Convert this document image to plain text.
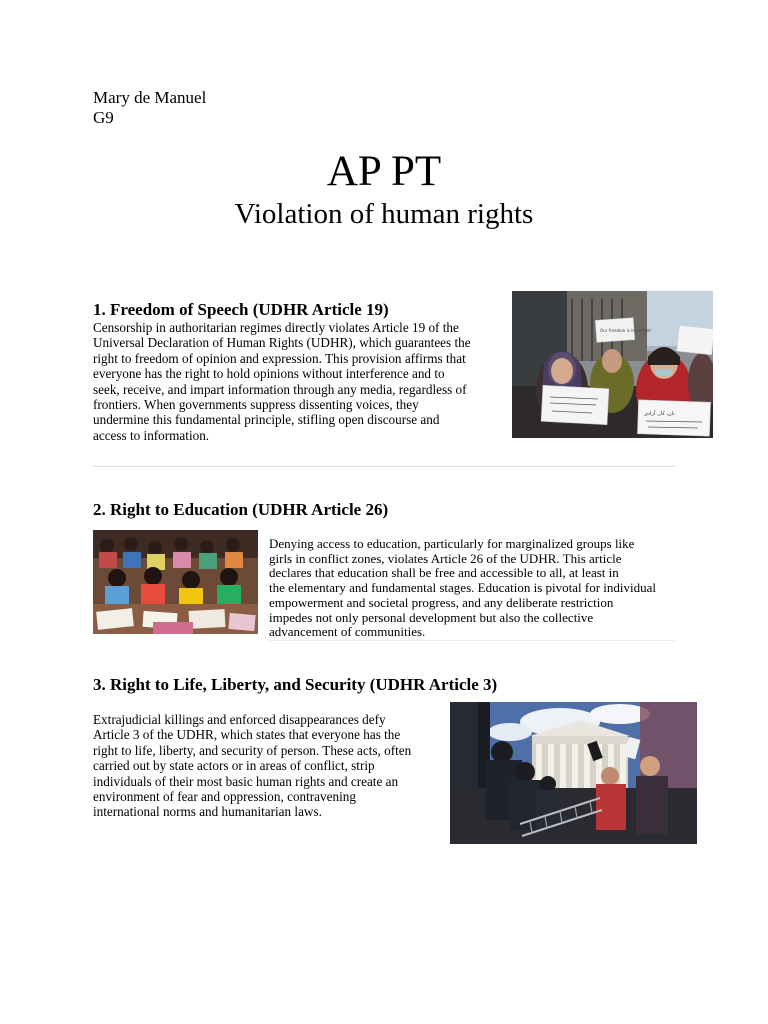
Mary de Manuel
G9
AP PT
Violation of human rights
1. Freedom of Speech (UDHR Article 19)
Censorship in authoritarian regimes directly violates Article 19 of the
Universal Declaration of Human Rights (UDHR), which guarantees the
right to freedom of opinion and expression. This provision affirms that
everyone has the right to hold opinions without interference and to
seek, receive, and impart information through any media, regardless of
frontiers. When governments suppress dissenting voices, they
undermine this fundamental principle, stifling open discourse and
access to information.
Our freedom is important
نان، کار، آزادی
2. Right to Education (UDHR Article 26)
Denying access to education, particularly for marginalized groups like
girls in conflict zones, violates Article 26 of the UDHR. This article
declares that education shall be free and accessible to all, at least in
the elementary and fundamental stages. Education is pivotal for individual
empowerment and societal progress, and any deliberate restriction
impedes not only personal development but also the collective
advancement of communities.
3. Right to Life, Liberty, and Security (UDHR Article 3)
Extrajudicial killings and enforced disappearances defy
Article 3 of the UDHR, which states that everyone has the
right to life, liberty, and security of person. These acts, often
carried out by state actors or in areas of conflict, strip
individuals of their most basic human rights and create an
environment of fear and oppression, contravening
international norms and humanitarian laws.
